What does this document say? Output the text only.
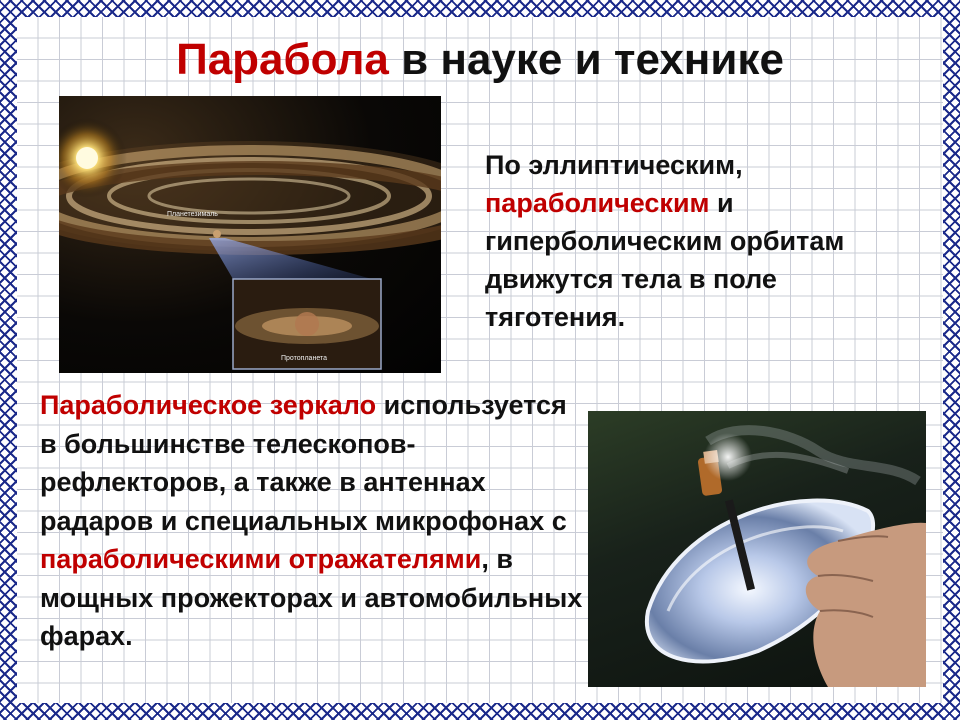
Парабола в науке и технике
Планетезималь
Протопланета
По эллиптическим, параболическим и гиперболическим орбитам движутся тела в поле тяготения.
Параболическое зеркало используется в большинстве телескопов-рефлекторов, а также в антеннах радаров и специальных микрофонах с параболическими отражателями, в мощных прожекторах и автомобильных фарах.
